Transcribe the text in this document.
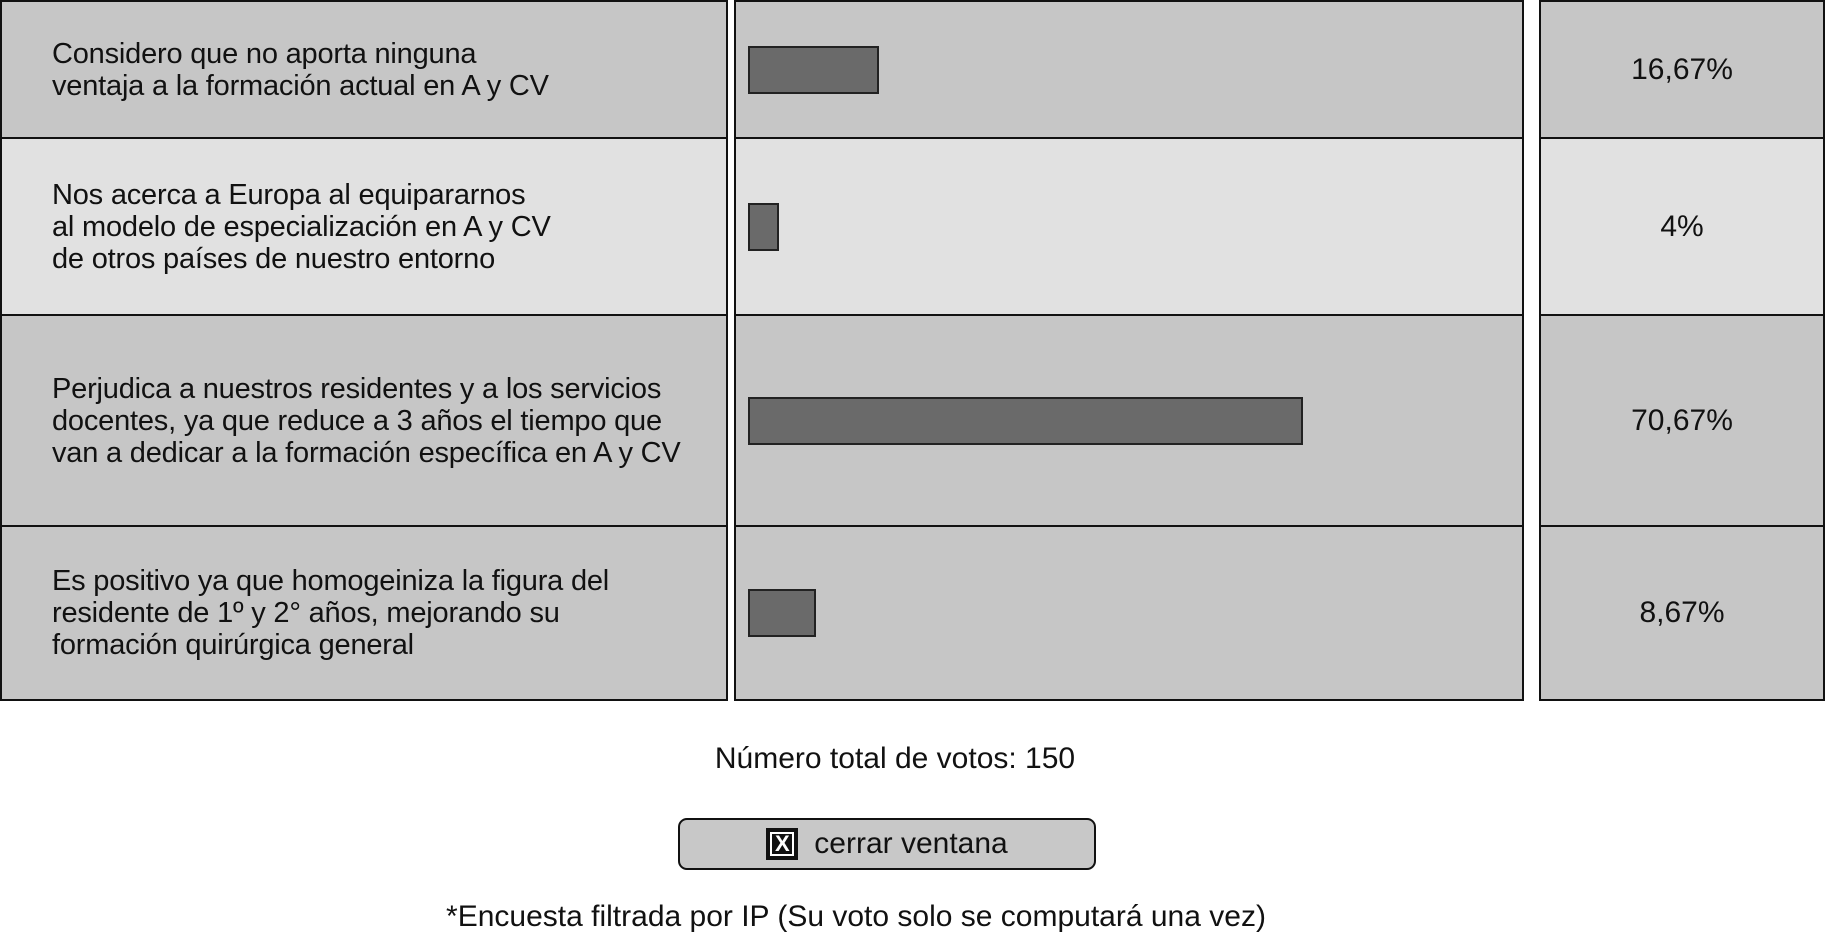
Considero que no aporta ninguna
ventaja a la formación actual en A y CV	16,67%
Nos acerca a Europa al equipararnos
al modelo de especialización en A y CV
de otros países de nuestro entorno
4%
Perjudica a nuestros residentes y a los servicios
docentes, ya que reduce a 3 años el tiempo que
van a dedicar a la formación específica en A y CV
70,67%
Es positivo ya que homogeiniza la figura del
residente de 1º y 2° años, mejorando su
formación quirúrgica general
8,67%
Número total de votos: 150
X cerrar ventana
*Encuesta filtrada por IP (Su voto solo se computará una vez)
